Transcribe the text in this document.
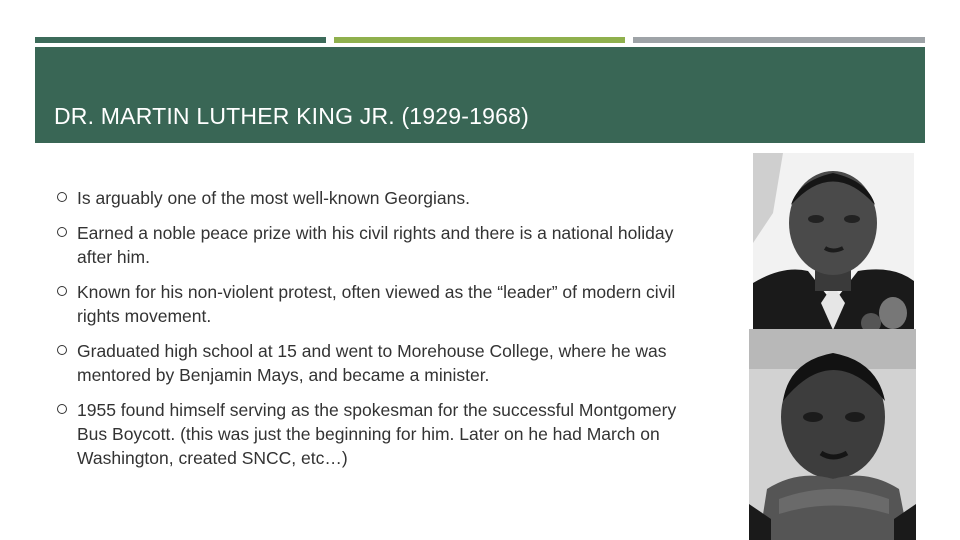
DR. MARTIN LUTHER KING JR. (1929-1968)
Is arguably one of the most well-known Georgians.
Earned a noble peace prize with his civil rights and there is a national holiday after him.
Known for his non-violent protest, often viewed as the “leader” of modern civil rights movement.
Graduated high school at 15 and went to Morehouse College, where he was mentored by Benjamin Mays, and became a minister.
1955 found himself serving as the spokesman for the successful Montgomery Bus Boycott. (this was just the beginning for him. Later on he had March on Washington, created SNCC, etc…)
